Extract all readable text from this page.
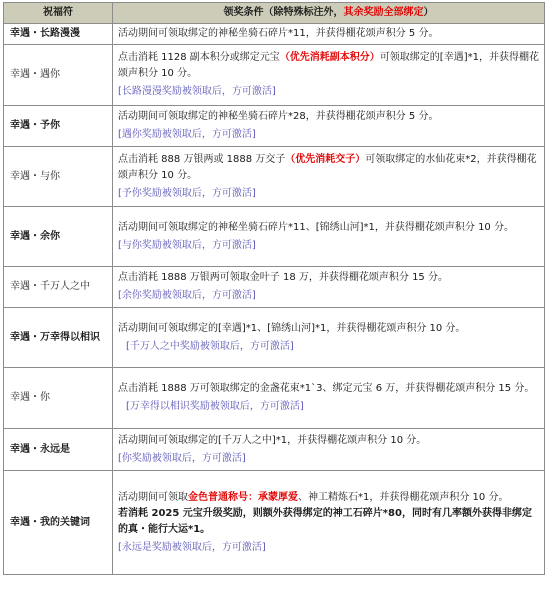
祝福符	领奖条件（除特殊标注外，其余奖励全部绑定）
幸遇・长路漫漫	活动期间可领取绑定的神秘坐骑石碎片*11，并获得棚花颂声积分 5 分。

幸遇・遇你	点击消耗 1128 副本积分或绑定元宝（优先消耗副本积分）可领取绑定的[幸遇]*1，并获得棚花颂声积分 10 分。
[长路漫漫奖励被领取后，方可激活]

幸遇・予你	活动期间可领取绑定的神秘坐骑石碎片*28，并获得棚花颂声积分 5 分。
[遇你奖励被领取后，方可激活]

幸遇・与你	点击消耗 888 万银两或 1888 万交子（优先消耗交子）可领取绑定的水仙花束*2，并获得棚花颂声积分 10 分。
[予你奖励被领取后，方可激活]

幸遇・余你	活动期间可领取绑定的神秘坐骑石碎片*11、[锦绣山河]*1，并获得棚花颂声积分 10 分。
[与你奖励被领取后，方可激活]

幸遇・千万人之中	点击消耗 1888 万银两可领取金叶子 18 万，并获得棚花颂声积分 15 分。
[余你奖励被领取后，方可激活]

幸遇・万幸得以相识	活动期间可领取绑定的[幸遇]*1、[锦绣山河]*1，并获得棚花颂声积分 10 分。
[千万人之中奖励被领取后，方可激活]

幸遇・你	点击消耗 1888 万可领取绑定的金盏花束*1`3、绑定元宝 6 万，并获得棚花颂声积分 15 分。
[万幸得以相识奖励被领取后，方可激活]

幸遇・永远是	活动期间可领取绑定的[千万人之中]*1，并获得棚花颂声积分 10 分。
[你奖励被领取后，方可激活]

幸遇・我的关键词	活动期间可领取金色普通称号：承蒙厚爱、神工精炼石*1，并获得棚花颂声积分 10 分。
若消耗 2025 元宝升级奖励，则额外获得绑定的神工石碎片*80，同时有几率额外获得非绑定的真・能行大运*1。
[永远是奖励被领取后，方可激活]
